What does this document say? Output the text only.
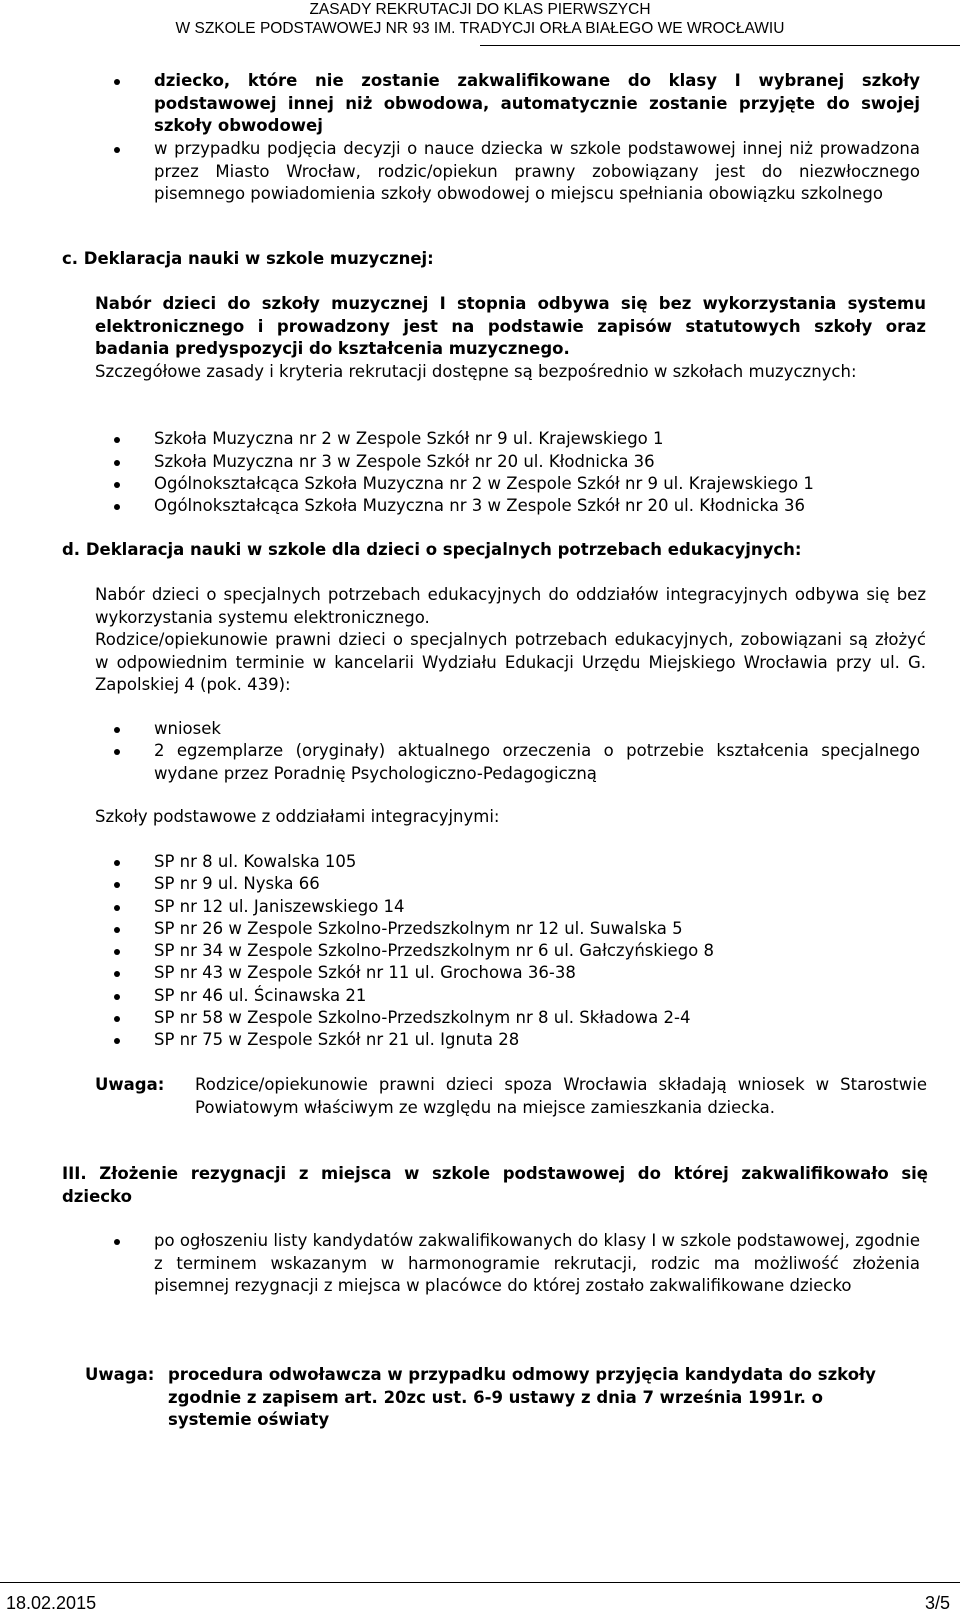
ZASADY REKRUTACJI DO KLAS PIERWSZYCH
W SZKOLE PODSTAWOWEJ NR 93 IM. TRADYCJI ORŁA BIAŁEGO WE WROCŁAWIU
dziecko, które nie zostanie zakwalifikowane do klasy I wybranej szkoły podstawowej innej niż obwodowa, automatycznie zostanie przyjęte do swojej szkoły obwodowej
w przypadku podjęcia decyzji o nauce dziecka w szkole podstawowej innej niż prowadzona przez Miasto Wrocław, rodzic/opiekun prawny zobowiązany jest do niezwłocznego pisemnego powiadomienia szkoły obwodowej o miejscu spełniania obowiązku szkolnego
c. Deklaracja nauki w szkole muzycznej:
Nabór dzieci do szkoły muzycznej I stopnia odbywa się bez wykorzystania systemu elektronicznego i prowadzony jest na podstawie zapisów statutowych szkoły oraz badania predyspozycji do kształcenia muzycznego.
Szczegółowe zasady i kryteria rekrutacji dostępne są bezpośrednio w szkołach muzycznych:
Szkoła Muzyczna nr 2 w Zespole Szkół nr 9 ul. Krajewskiego 1
Szkoła Muzyczna nr 3 w Zespole Szkół nr 20 ul. Kłodnicka 36
Ogólnokształcąca Szkoła Muzyczna nr 2 w Zespole Szkół nr 9 ul. Krajewskiego 1
Ogólnokształcąca Szkoła Muzyczna nr 3 w Zespole Szkół nr 20 ul. Kłodnicka 36
d. Deklaracja nauki w szkole dla dzieci o specjalnych potrzebach edukacyjnych:
Nabór dzieci o specjalnych potrzebach edukacyjnych do oddziałów integracyjnych odbywa się bez wykorzystania systemu elektronicznego.
Rodzice/opiekunowie prawni dzieci o specjalnych potrzebach edukacyjnych, zobowiązani są złożyć w odpowiednim terminie w kancelarii Wydziału Edukacji Urzędu Miejskiego Wrocławia przy ul. G. Zapolskiej 4 (pok. 439):
wniosek
2 egzemplarze (oryginały) aktualnego orzeczenia o potrzebie kształcenia specjalnego wydane przez Poradnię Psychologiczno-Pedagogiczną
Szkoły podstawowe z oddziałami integracyjnymi:
SP nr 8 ul. Kowalska 105
SP nr 9 ul. Nyska 66
SP nr 12 ul. Janiszewskiego 14
SP nr 26 w Zespole Szkolno-Przedszkolnym nr 12 ul. Suwalska 5
SP nr 34 w Zespole Szkolno-Przedszkolnym nr 6 ul. Gałczyńskiego 8
SP nr 43 w Zespole Szkół nr 11 ul. Grochowa 36-38
SP nr 46 ul. Ścinawska 21
SP nr 58 w Zespole Szkolno-Przedszkolnym nr 8 ul. Składowa 2-4
SP nr 75 w Zespole Szkół nr 21 ul. Ignuta 28
Uwaga:	Rodzice/opiekunowie prawni dzieci spoza Wrocławia składają wniosek w Starostwie Powiatowym właściwym ze względu na miejsce zamieszkania dziecka.
III. Złożenie rezygnacji z miejsca w szkole podstawowej do której zakwalifikowało się dziecko
po ogłoszeniu listy kandydatów zakwalifikowanych do klasy I w szkole podstawowej, zgodnie z terminem wskazanym w harmonogramie rekrutacji, rodzic ma możliwość złożenia pisemnej rezygnacji z miejsca w placówce do której zostało zakwalifikowane dziecko
Uwaga: procedura odwoławcza w przypadku odmowy przyjęcia kandydata do szkoły zgodnie z zapisem art. 20zc ust. 6-9 ustawy z dnia 7 września 1991r. o systemie oświaty
18.02.2015	3/5
